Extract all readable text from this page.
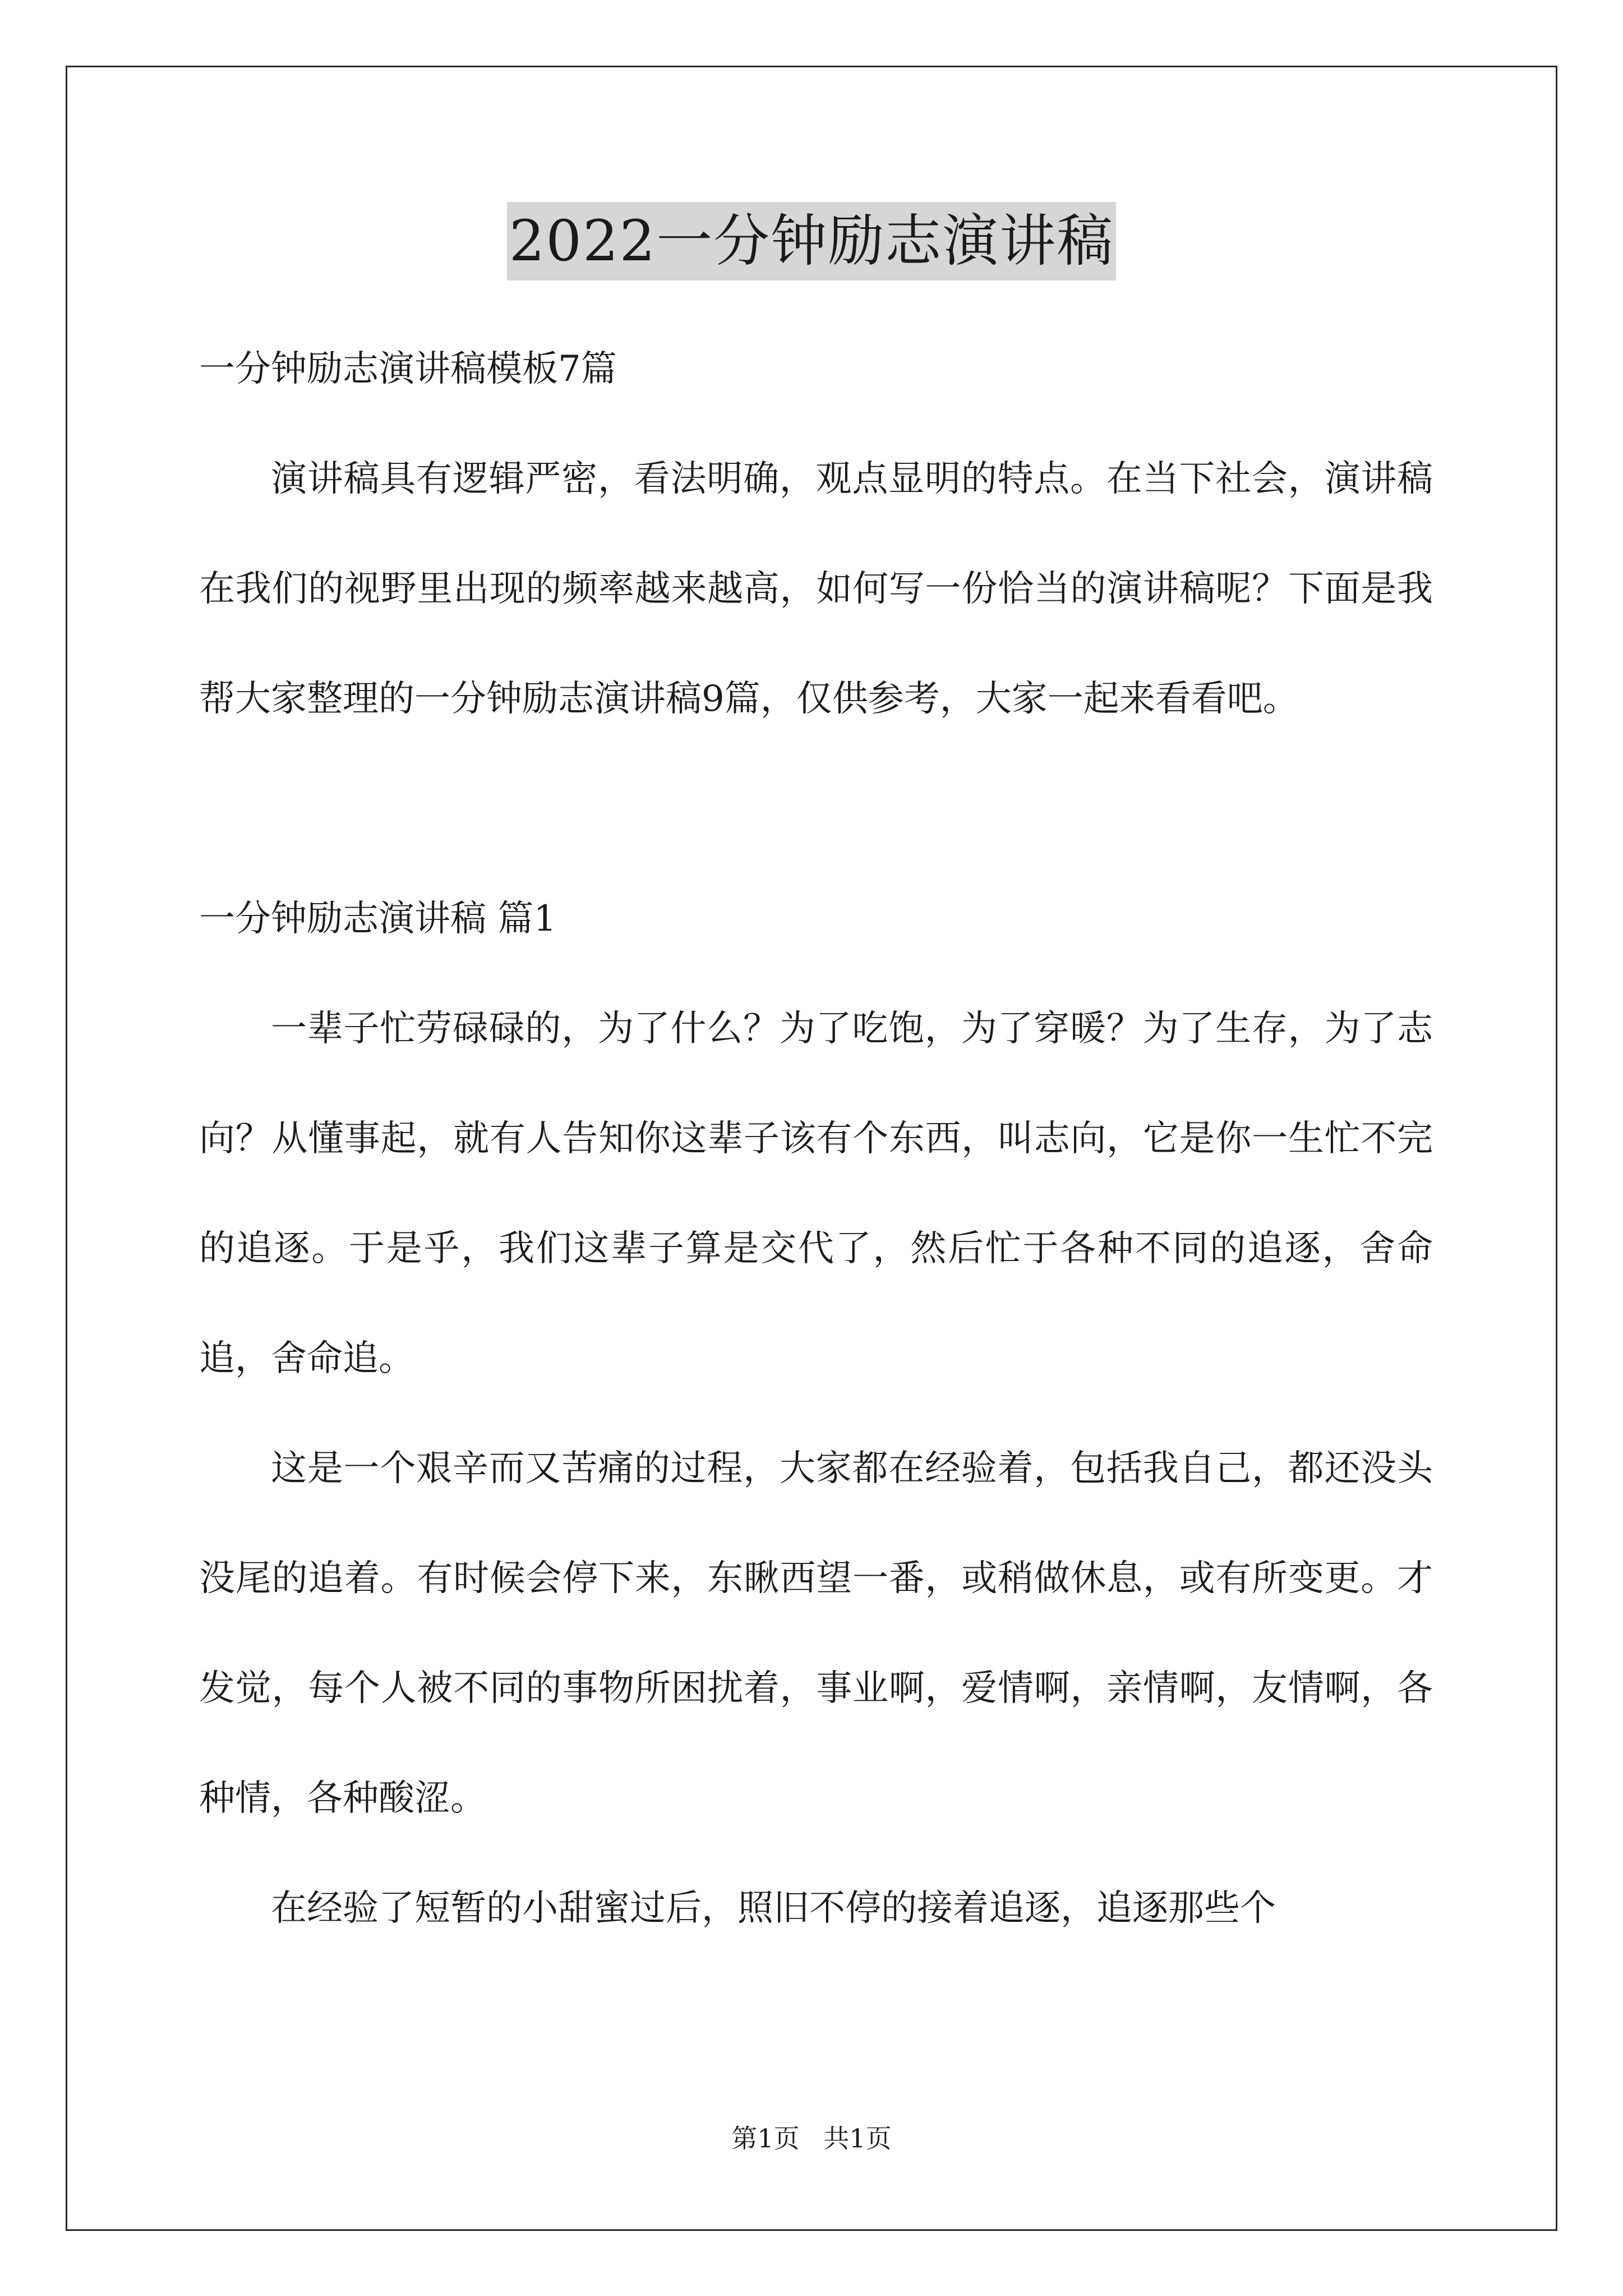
2022一分钟励志演讲稿

一分钟励志演讲稿模板7篇

演讲稿具有逻辑严密，看法明确，观点显明的特点。在当下社会，演讲稿在我们的视野里出现的频率越来越高，如何写一份恰当的演讲稿呢？下面是我帮大家整理的一分钟励志演讲稿9篇，仅供参考，大家一起来看看吧。

一分钟励志演讲稿 篇1

一辈子忙劳碌碌的，为了什么？为了吃饱，为了穿暖？为了生存，为了志向？从懂事起，就有人告知你这辈子该有个东西，叫志向，它是你一生忙不完的追逐。于是乎，我们这辈子算是交代了，然后忙于各种不同的追逐，舍命追，舍命追。

这是一个艰辛而又苦痛的过程，大家都在经验着，包括我自己，都还没头没尾的追着。有时候会停下来，东瞅西望一番，或稍做休息，或有所变更。才发觉，每个人被不同的事物所困扰着，事业啊，爱情啊，亲情啊，友情啊，各种情，各种酸涩。

在经验了短暂的小甜蜜过后，照旧不停的接着追逐，追逐那些个

第1页 共1页
